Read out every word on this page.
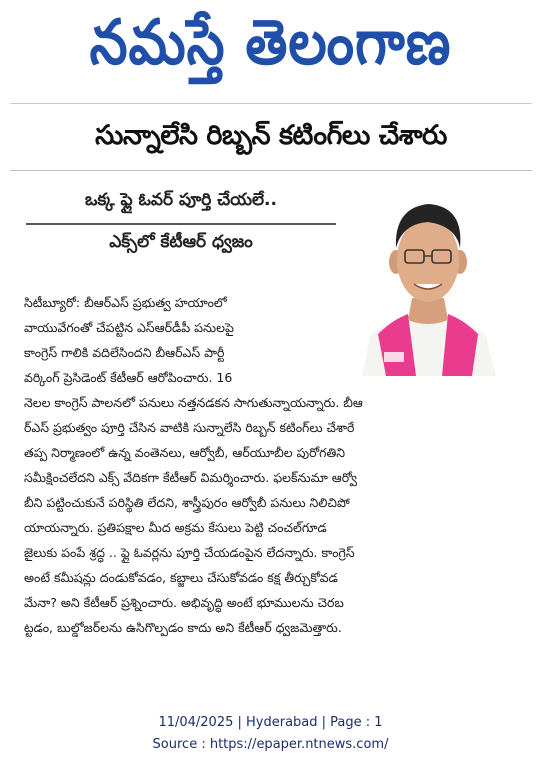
నమస్తే తెలంగాణ
సున్నాలేసి రిబ్బన్ కటింగ్‌లు చేశారు
ఒక్క ఫ్లై ఓవర్ పూర్తి చేయలే..
ఎక్స్‌లో కేటీఆర్ ధ్వజం
సిటీబ్యూరో: బీఆర్‌ఎస్ ప్రభుత్వ హయాంలో
వాయువేగంతో చేపట్టిన ఎస్ఆర్‌డీపీ పనులపై
కాంగ్రెస్ గాలికి వదిలేసిందని బీఆర్‌ఎస్ పార్టీ
వర్కింగ్ ప్రెసిడెంట్ కేటీఆర్ ఆరోపించారు. 16
నెలల కాంగ్రెస్ పాలనలో పనులు నత్తనడకన సాగుతున్నాయన్నారు. బీఆ
ర్‌ఎస్ ప్రభుత్వం పూర్తి చేసిన వాటికి సున్నాలేసి రిబ్బన్ కటింగ్‌లు చేశారే
తప్ప నిర్మాణంలో ఉన్న వంతెనలు, ఆర్వోబీ, ఆర్‌యూబీల పురోగతిని
సమీక్షించలేదని ఎక్స్ వేదికగా కేటీఆర్ విమర్శించారు. ఫలక్‌నుమా ఆర్వో
బీని పట్టించుకునే పరిస్థితి లేదని, శాస్త్రీపురం ఆర్వోబీ పనులు నిలిచిపో
యాయన్నారు. ప్రతిపక్షాల మీద అక్రమ కేసులు పెట్టి చంచల్‌గూడ
జైలుకు పంపే శ్రద్ధ .. ఫ్లై ఓవర్లను పూర్తి చేయడంపైన లేదన్నారు. కాంగ్రెస్
అంటే కమీషన్లు దండుకోవడం, కబ్జాలు చేసుకోవడం కక్ష తీర్చుకోవడ
మేనా? అని కేటీఆర్ ప్రశ్నించారు. అభివృద్ధి అంటే భూములను చెరబ
ట్టడం, బుల్డోజర్‌లను ఉసిగొల్పడం కాదు అని కేటీఆర్ ధ్వజమెత్తారు.
11/04/2025 | Hyderabad | Page : 1
Source : https://epaper.ntnews.com/
